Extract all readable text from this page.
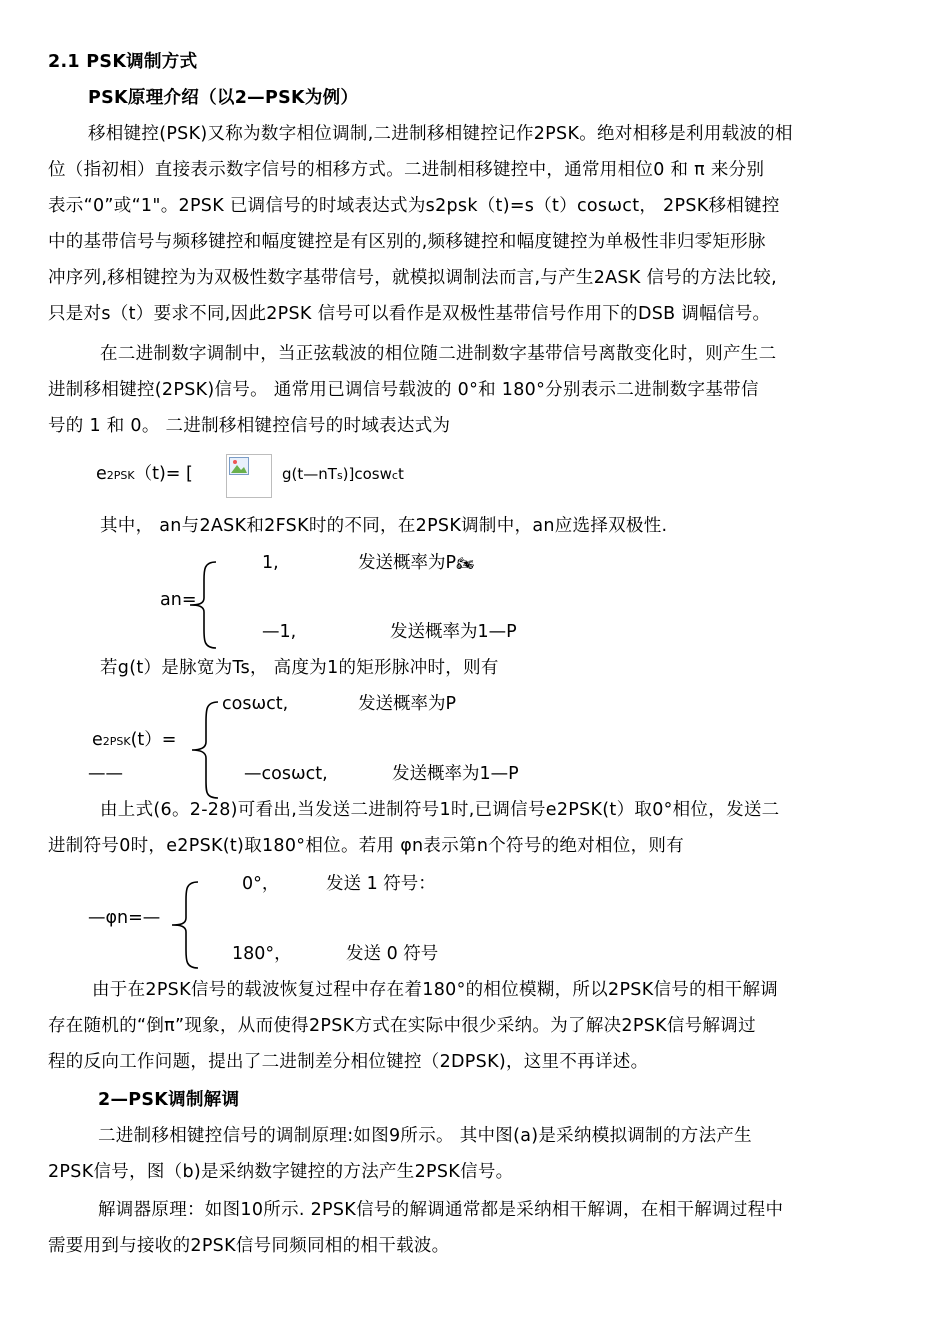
2.1 PSK调制方式
PSK原理介绍（以2—PSK为例）
移相键控(PSK)又称为数字相位调制,二进制移相键控记作2PSK。绝对相移是利用载波的相
位（指初相）直接表示数字信号的相移方式。二进制相移键控中，通常用相位0 和 π 来分别
表示“0”或“1"。2PSK 已调信号的时域表达式为s2psk（t)=s（t）cosωct， 2PSK移相键控
中的基带信号与频移键控和幅度键控是有区别的,频移键控和幅度键控为单极性非归零矩形脉
冲序列,移相键控为为双极性数字基带信号，就模拟调制法而言,与产生2ASK 信号的方法比较,
只是对s（t）要求不同,因此2PSK 信号可以看作是双极性基带信号作用下的DSB 调幅信号。
在二进制数字调制中，当正弦载波的相位随二进制数字基带信号离散变化时，则产生二
进制移相键控(2PSK)信号。 通常用已调信号载波的 0°和 180°分别表示二进制数字基带信
号的 1 和 0。 二进制移相键控信号的时域表达式为
e2PSK（t)= [	g(t—nTs)]coswct
其中， an与2ASK和2FSK时的不同，在2PSK调制中，an应选择双极性.
an=
1,	发送概率为P🏍
—1,	发送概率为1—P
若g(t）是脉宽为Ts， 高度为1的矩形脉冲时，则有
e2PSK(t）=
——
cosωct,	发送概率为P
—cosωct,	发送概率为1—P
由上式(6。2-28)可看出,当发送二进制符号1时,已调信号e2PSK(t）取0°相位，发送二
进制符号0时，e2PSK(t)取180°相位。若用 φn表示第n个符号的绝对相位，则有
—φn=—
0°，	发送 1 符号：
180°，	发送 0 符号
由于在2PSK信号的载波恢复过程中存在着180°的相位模糊，所以2PSK信号的相干解调
存在随机的“倒π”现象，从而使得2PSK方式在实际中很少采纳。为了解决2PSK信号解调过
程的反向工作问题，提出了二进制差分相位键控（2DPSK)，这里不再详述。
2—PSK调制解调
二进制移相键控信号的调制原理:如图9所示。 其中图(a)是采纳模拟调制的方法产生
2PSK信号，图（b)是采纳数字键控的方法产生2PSK信号。
解调器原理：如图10所示. 2PSK信号的解调通常都是采纳相干解调，在相干解调过程中
需要用到与接收的2PSK信号同频同相的相干载波。
